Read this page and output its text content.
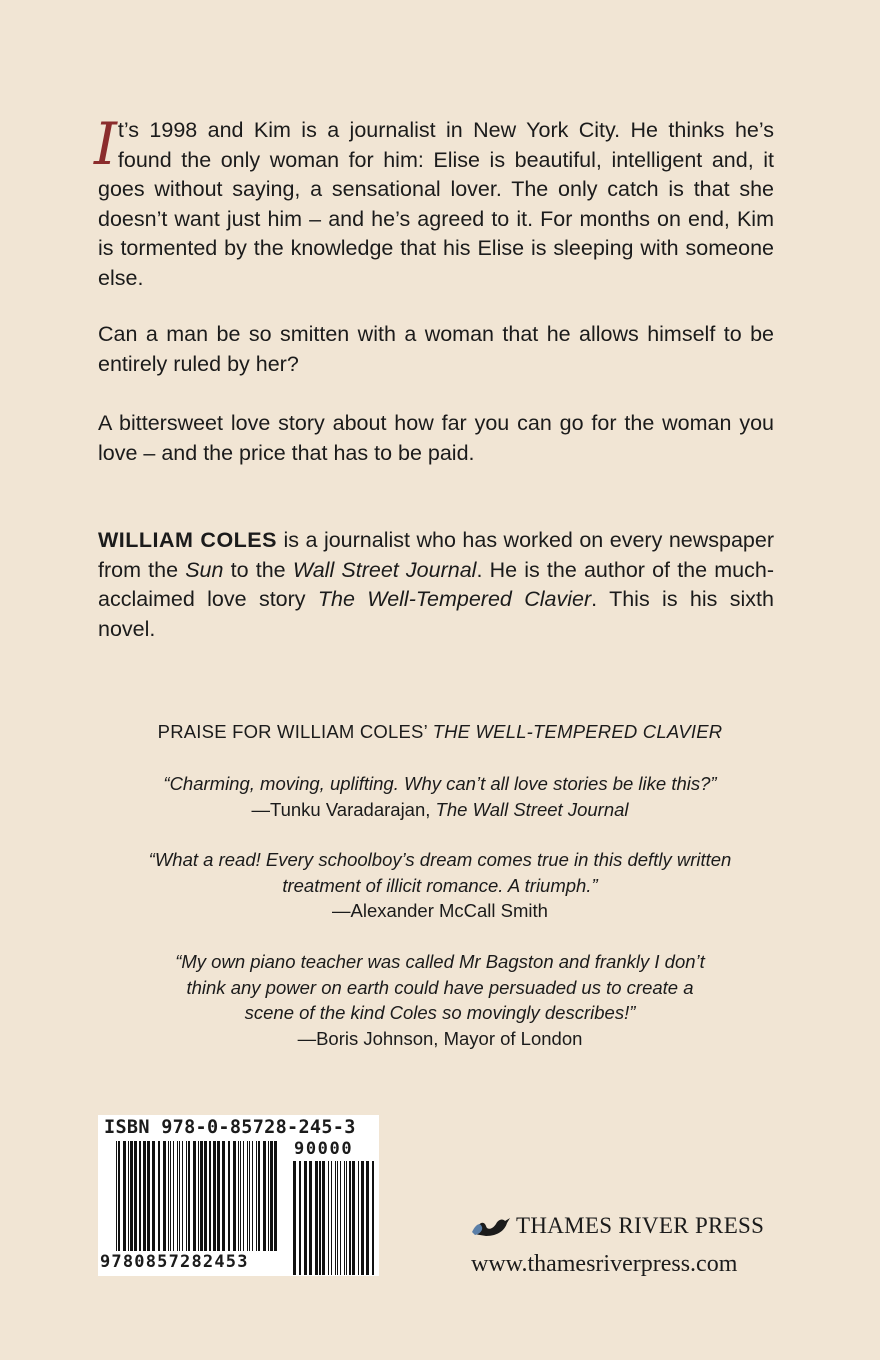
It’s 1998 and Kim is a journalist in New York City. He thinks he’s found the only woman for him: Elise is beautiful, intelligent and, it goes without saying, a sensational lover. The only catch is that she doesn’t want just him – and he’s agreed to it. For months on end, Kim is tormented by the knowledge that his Elise is sleeping with someone else.
Can a man be so smitten with a woman that he allows himself to be entirely ruled by her?
A bittersweet love story about how far you can go for the woman you love – and the price that has to be paid.
WILLIAM COLES is a journalist who has worked on every newspaper from the Sun to the Wall Street Journal. He is the author of the much-acclaimed love story The Well-Tempered Clavier. This is his sixth novel.
PRAISE FOR WILLIAM COLES’ THE WELL-TEMPERED CLAVIER
“Charming, moving, uplifting. Why can’t all love stories be like this?”
—Tunku Varadarajan, The Wall Street Journal
“What a read! Every schoolboy’s dream comes true in this deftly written treatment of illicit romance. A triumph.”
—Alexander McCall Smith
“My own piano teacher was called Mr Bagston and frankly I don’t think any power on earth could have persuaded us to create a scene of the kind Coles so movingly describes!”
—Boris Johnson, Mayor of London
ISBN 978-0-85728-245-3
90000
9780857282453
THAMES RIVER PRESS
www.thamesriverpress.com
